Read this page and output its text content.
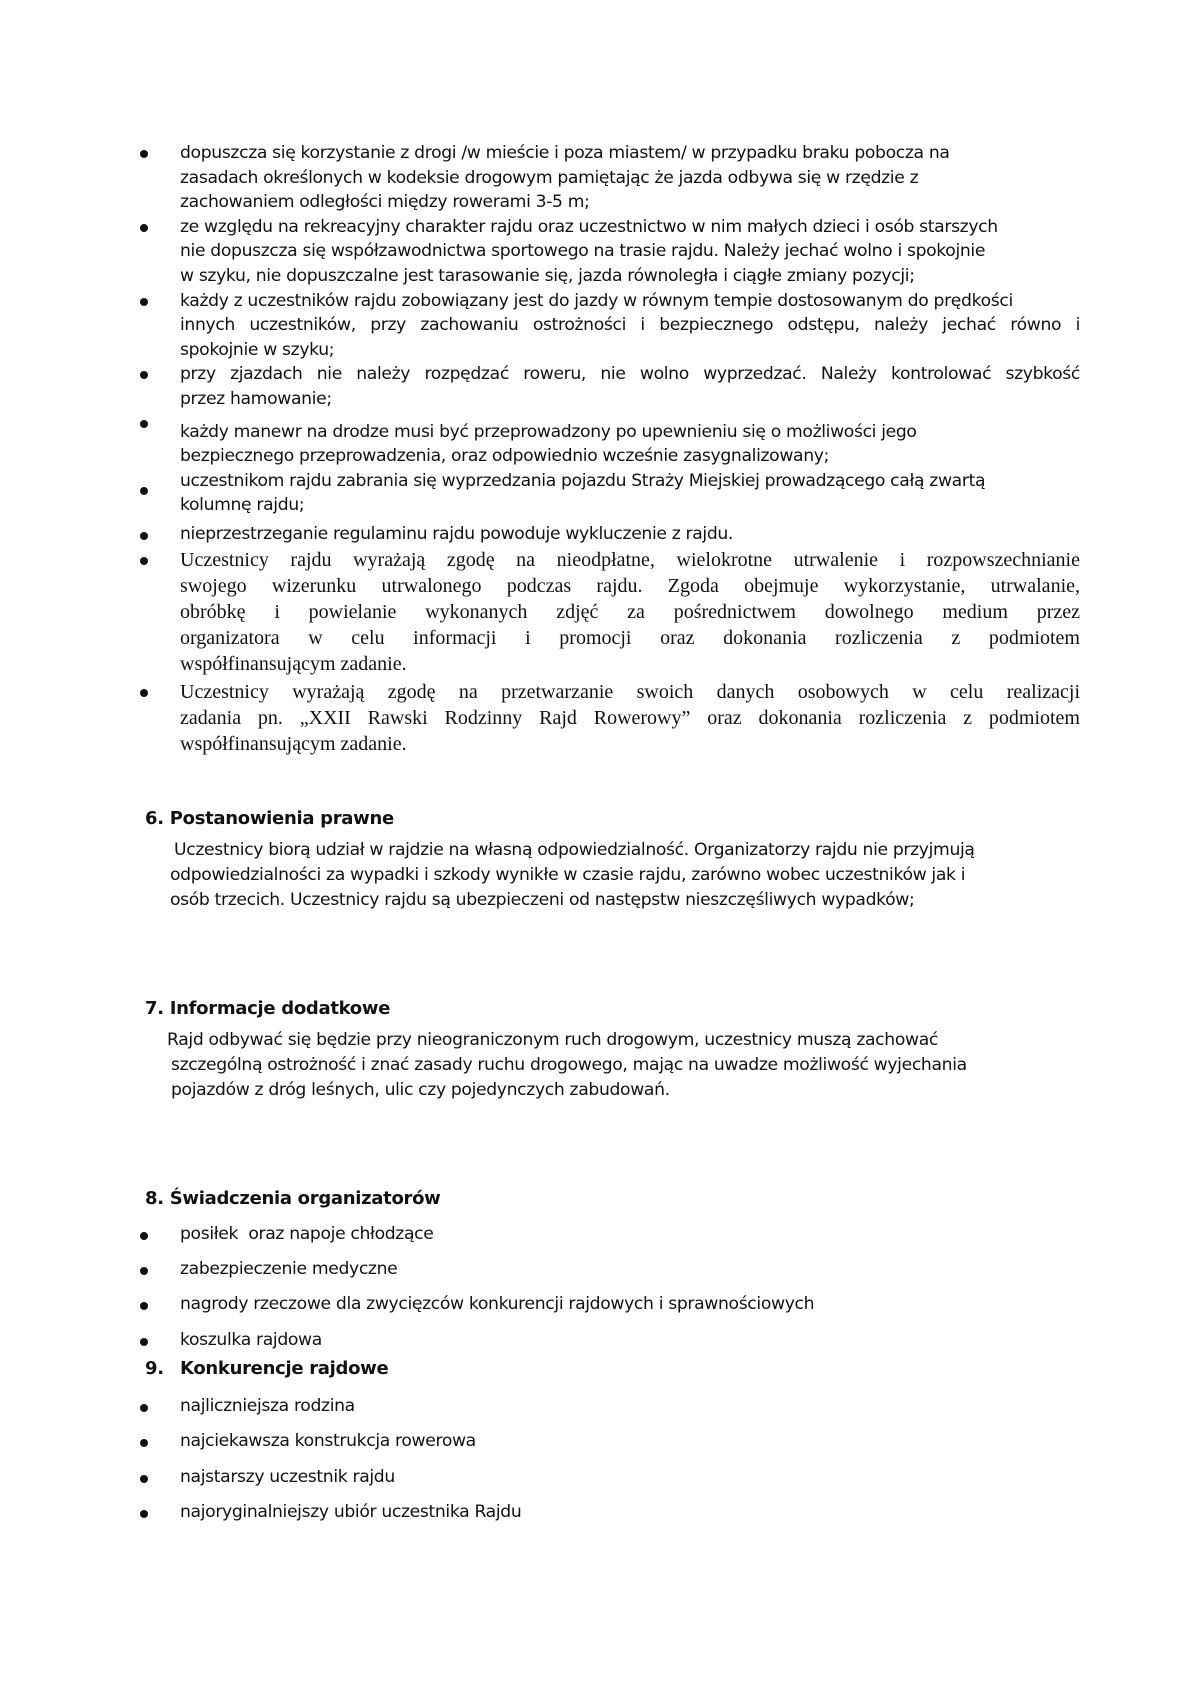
dopuszcza się korzystanie z drogi /w mieście i poza miastem/ w przypadku braku pobocza na
zasadach określonych w kodeksie drogowym pamiętając że jazda odbywa się w rzędzie z
zachowaniem odległości między rowerami 3-5 m;
ze względu na rekreacyjny charakter rajdu oraz uczestnictwo w nim małych dzieci i osób starszych
nie dopuszcza się współzawodnictwa sportowego na trasie rajdu. Należy jechać wolno i spokojnie
w szyku, nie dopuszczalne jest tarasowanie się, jazda równoległa i ciągłe zmiany pozycji;
każdy z uczestników rajdu zobowiązany jest do jazdy w równym tempie dostosowanym do prędkości
innych uczestników, przy zachowaniu ostrożności i bezpiecznego odstępu, należy jechać równo i
spokojnie w szyku;
przy zjazdach nie należy rozpędzać roweru, nie wolno wyprzedzać. Należy kontrolować szybkość
przez hamowanie;
każdy manewr na drodze musi być przeprowadzony po upewnieniu się o możliwości jego
bezpiecznego przeprowadzenia, oraz odpowiednio wcześnie zasygnalizowany;
uczestnikom rajdu zabrania się wyprzedzania pojazdu Straży Miejskiej prowadzącego całą zwartą
kolumnę rajdu;
nieprzestrzeganie regulaminu rajdu powoduje wykluczenie z rajdu.
Uczestnicy rajdu wyrażają zgodę na nieodpłatne, wielokrotne utrwalenie i rozpowszechnianie
swojego wizerunku utrwalonego podczas rajdu. Zgoda obejmuje wykorzystanie, utrwalanie,
obróbkę i powielanie wykonanych zdjęć za pośrednictwem dowolnego medium przez
organizatora w celu informacji i promocji oraz dokonania rozliczenia z podmiotem
współfinansującym zadanie.
Uczestnicy wyrażają zgodę na przetwarzanie swoich danych osobowych w celu realizacji
zadania pn. „XXII Rawski Rodzinny Rajd Rowerowy” oraz dokonania rozliczenia z podmiotem
współfinansującym zadanie.
6. Postanowienia prawne
Uczestnicy biorą udział w rajdzie na własną odpowiedzialność. Organizatorzy rajdu nie przyjmują
odpowiedzialności za wypadki i szkody wynikłe w czasie rajdu, zarówno wobec uczestników jak i
osób trzecich. Uczestnicy rajdu są ubezpieczeni od następstw nieszczęśliwych wypadków;
7. Informacje dodatkowe
Rajd odbywać się będzie przy nieograniczonym ruch drogowym, uczestnicy muszą zachować
szczególną ostrożność i znać zasady ruchu drogowego, mając na uwadze możliwość wyjechania
pojazdów z dróg leśnych, ulic czy pojedynczych zabudowań.
8. Świadczenia organizatorów
posiłek  oraz napoje chłodzące
zabezpieczenie medyczne
nagrody rzeczowe dla zwycięzców konkurencji rajdowych i sprawnościowych
koszulka rajdowa
9. Konkurencje rajdowe
najliczniejsza rodzina
najciekawsza konstrukcja rowerowa
najstarszy uczestnik rajdu
najoryginalniejszy ubiór uczestnika Rajdu
